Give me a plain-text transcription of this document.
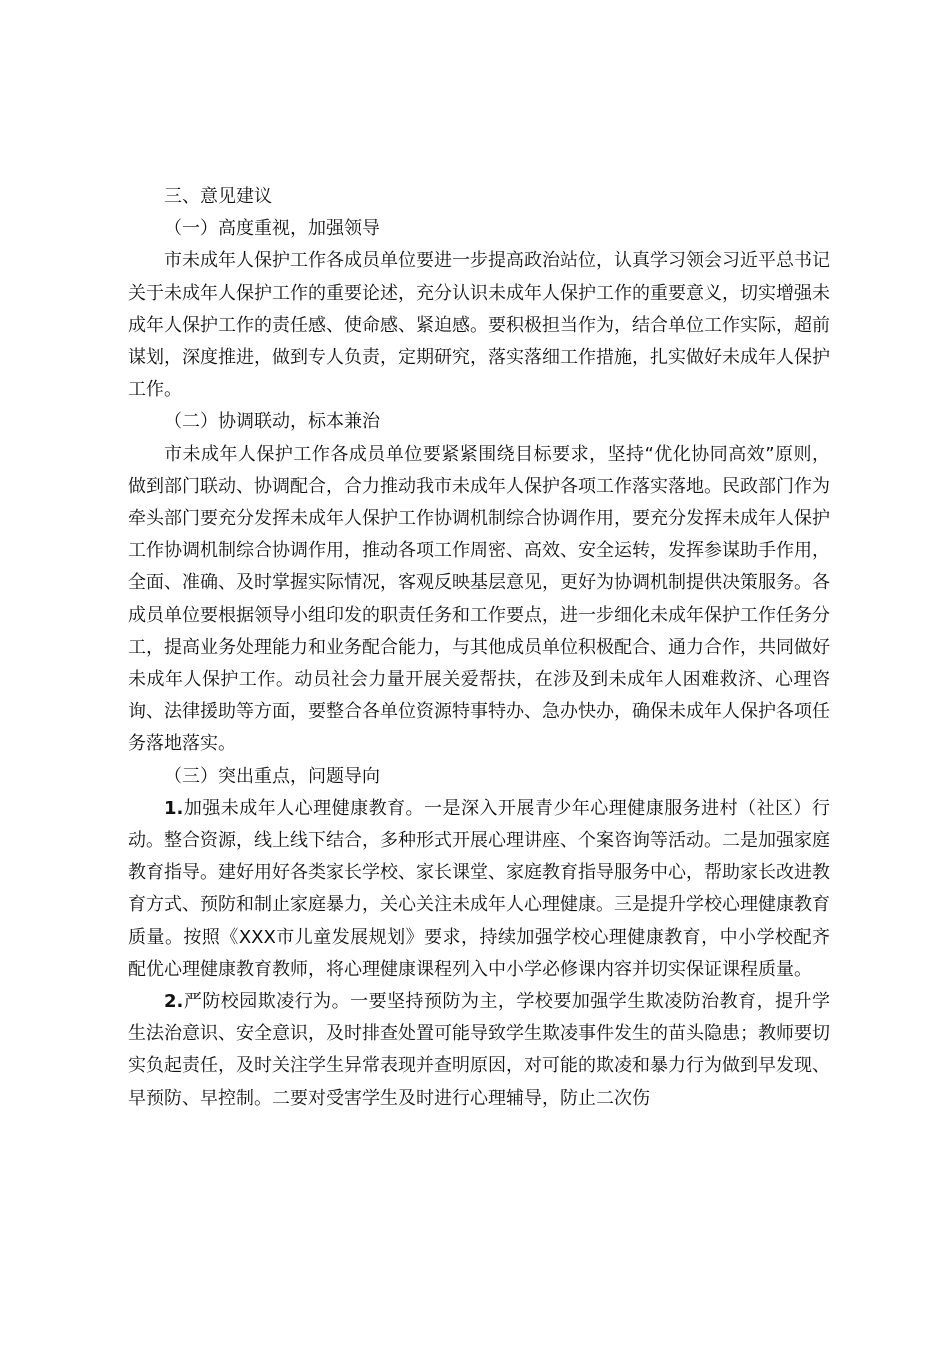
三、意见建议

（一）高度重视，加强领导

市未成年人保护工作各成员单位要进一步提高政治站位，认真学习领会习近平总书记关于未成年人保护工作的重要论述，充分认识未成年人保护工作的重要意义，切实增强未成年人保护工作的责任感、使命感、紧迫感。要积极担当作为，结合单位工作实际，超前谋划，深度推进，做到专人负责，定期研究，落实落细工作措施，扎实做好未成年人保护工作。

（二）协调联动，标本兼治

市未成年人保护工作各成员单位要紧紧围绕目标要求，坚持“优化协同高效”原则，做到部门联动、协调配合，合力推动我市未成年人保护各项工作落实落地。民政部门作为牵头部门要充分发挥未成年人保护工作协调机制综合协调作用，要充分发挥未成年人保护工作协调机制综合协调作用，推动各项工作周密、高效、安全运转，发挥参谋助手作用，全面、准确、及时掌握实际情况，客观反映基层意见，更好为协调机制提供决策服务。各成员单位要根据领导小组印发的职责任务和工作要点，进一步细化未成年保护工作任务分工，提高业务处理能力和业务配合能力，与其他成员单位积极配合、通力合作，共同做好未成年人保护工作。动员社会力量开展关爱帮扶，在涉及到未成年人困难救济、心理咨询、法律援助等方面，要整合各单位资源特事特办、急办快办，确保未成年人保护各项任务落地落实。

（三）突出重点，问题导向

1.加强未成年人心理健康教育。一是深入开展青少年心理健康服务进村（社区）行动。整合资源，线上线下结合，多种形式开展心理讲座、个案咨询等活动。二是加强家庭教育指导。建好用好各类家长学校、家长课堂、家庭教育指导服务中心，帮助家长改进教育方式、预防和制止家庭暴力，关心关注未成年人心理健康。三是提升学校心理健康教育质量。按照《XXX市儿童发展规划》要求，持续加强学校心理健康教育，中小学校配齐配优心理健康教育教师，将心理健康课程列入中小学必修课内容并切实保证课程质量。

2.严防校园欺凌行为。一要坚持预防为主，学校要加强学生欺凌防治教育，提升学生法治意识、安全意识，及时排查处置可能导致学生欺凌事件发生的苗头隐患；教师要切实负起责任，及时关注学生异常表现并查明原因，对可能的欺凌和暴力行为做到早发现、早预防、早控制。二要对受害学生及时进行心理辅导，防止二次伤
